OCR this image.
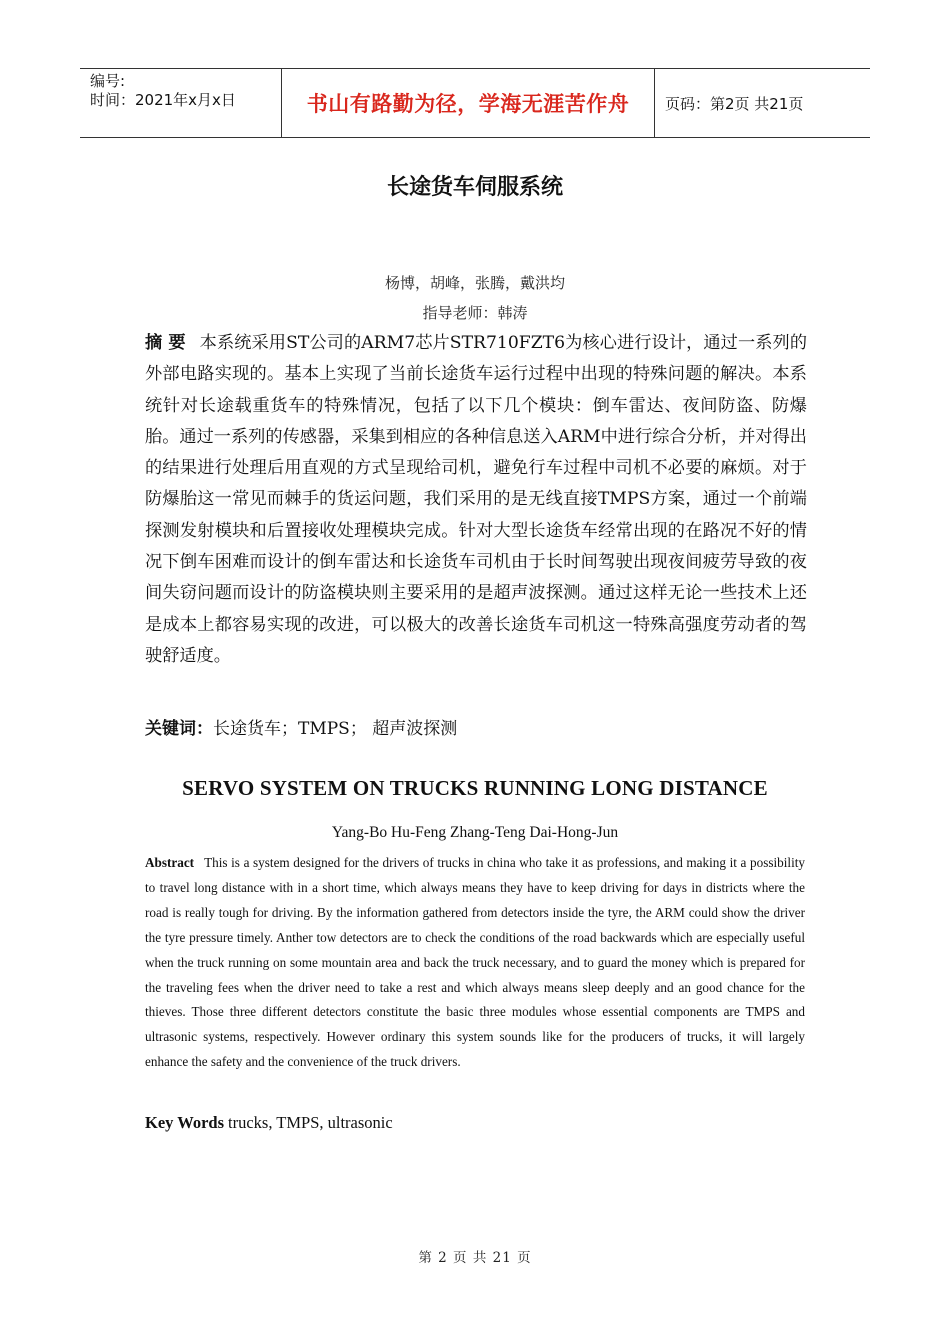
编号:
时间：2021年x月x日	书山有路勤为径，学海无涯苦作舟	页码：第2页 共21页
长途货车伺服系统
杨博，胡峰，张腾，戴洪均
指导老师：韩涛
摘 要 本系统采用ST公司的ARM7芯片STR710FZT6为核心进行设计，通过一系列的外部电路实现的。基本上实现了当前长途货车运行过程中出现的特殊问题的解决。本系统针对长途载重货车的特殊情况，包括了以下几个模块：倒车雷达、夜间防盗、防爆胎。通过一系列的传感器，采集到相应的各种信息送入ARM中进行综合分析，并对得出的结果进行处理后用直观的方式呈现给司机，避免行车过程中司机不必要的麻烦。对于防爆胎这一常见而棘手的货运问题，我们采用的是无线直接TMPS方案，通过一个前端探测发射模块和后置接收处理模块完成。针对大型长途货车经常出现的在路况不好的情况下倒车困难而设计的倒车雷达和长途货车司机由于长时间驾驶出现夜间疲劳导致的夜间失窃问题而设计的防盗模块则主要采用的是超声波探测。通过这样无论一些技术上还是成本上都容易实现的改进，可以极大的改善长途货车司机这一特殊高强度劳动者的驾驶舒适度。
关键词：长途货车；TMPS； 超声波探测
SERVO SYSTEM ON TRUCKS RUNNING LONG DISTANCE
Yang-Bo Hu-Feng Zhang-Teng Dai-Hong-Jun
Abstract This is a system designed for the drivers of trucks in china who take it as professions, and making it a possibility to travel long distance with in a short time, which always means they have to keep driving for days in districts where the road is really tough for driving. By the information gathered from detectors inside the tyre, the ARM could show the driver the tyre pressure timely. Anther tow detectors are to check the conditions of the road backwards which are especially useful when the truck running on some mountain area and back the truck necessary, and to guard the money which is prepared for the traveling fees when the driver need to take a rest and which always means sleep deeply and an good chance for the thieves. Those three different detectors constitute the basic three modules whose essential components are TMPS and ultrasonic systems, respectively. However ordinary this system sounds like for the producers of trucks, it will largely enhance the safety and the convenience of the truck drivers.
Key Words trucks, TMPS, ultrasonic
第 2 页 共 21 页
